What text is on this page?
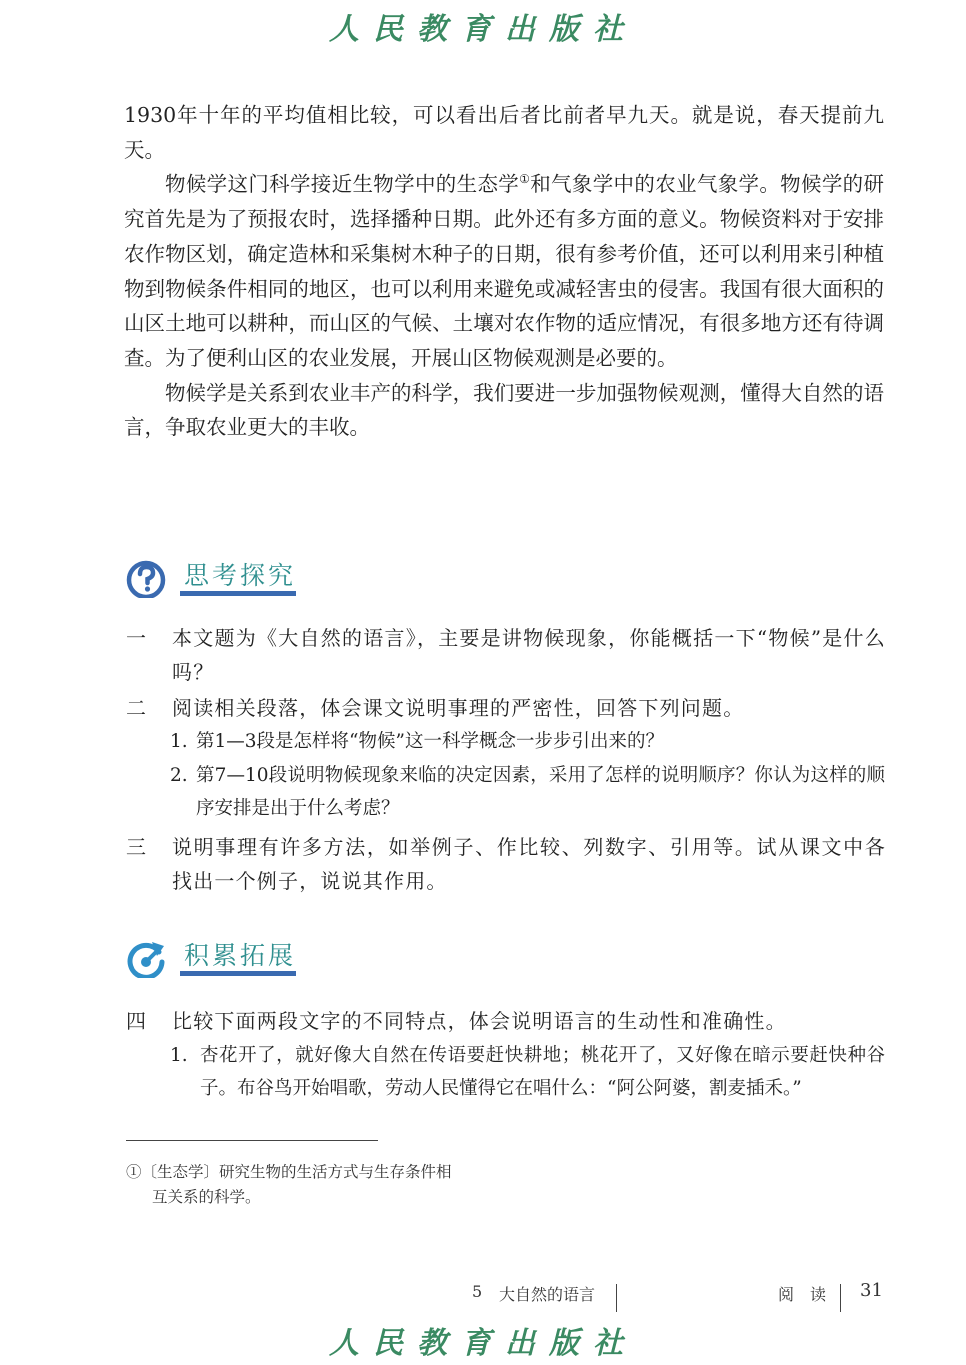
人民教育出版社

1930年十年的平均值相比较，可以看出后者比前者早九天。就是说，春天提前九天。

物候学这门科学接近生物学中的生态学①和气象学中的农业气象学。物候学的研究首先是为了预报农时，选择播种日期。此外还有多方面的意义。物候资料对于安排农作物区划，确定造林和采集树木种子的日期，很有参考价值，还可以利用来引种植物到物候条件相同的地区，也可以利用来避免或减轻害虫的侵害。我国有很大面积的山区土地可以耕种，而山区的气候、土壤对农作物的适应情况，有很多地方还有待调查。为了便利山区的农业发展，开展山区物候观测是必要的。

物候学是关系到农业丰产的科学，我们要进一步加强物候观测，懂得大自然的语言，争取农业更大的丰收。

思考探究
一	本文题为《大自然的语言》，主要是讲物候现象，你能概括一下“物候”是什么吗？
二	阅读相关段落，体会课文说明事理的严密性，回答下列问题。
1. 第1—3段是怎样将“物候”这一科学概念一步步引出来的？
2. 第7—10段说明物候现象来临的决定因素，采用了怎样的说明顺序？你认为这样的顺序安排是出于什么考虑？
三	说明事理有许多方法，如举例子、作比较、列数字、引用等。试从课文中各找出一个例子，说说其作用。
积累拓展
四	比较下面两段文字的不同特点，体会说明语言的生动性和准确性。
1. 杏花开了，就好像大自然在传语要赶快耕地；桃花开了，又好像在暗示要赶快种谷子。布谷鸟开始唱歌，劳动人民懂得它在唱什么：“阿公阿婆，割麦插禾。”
①〔生态学〕研究生物的生活方式与生存条件相
互关系的科学。
5 大自然的语言	阅　读 31
人民教育出版社
